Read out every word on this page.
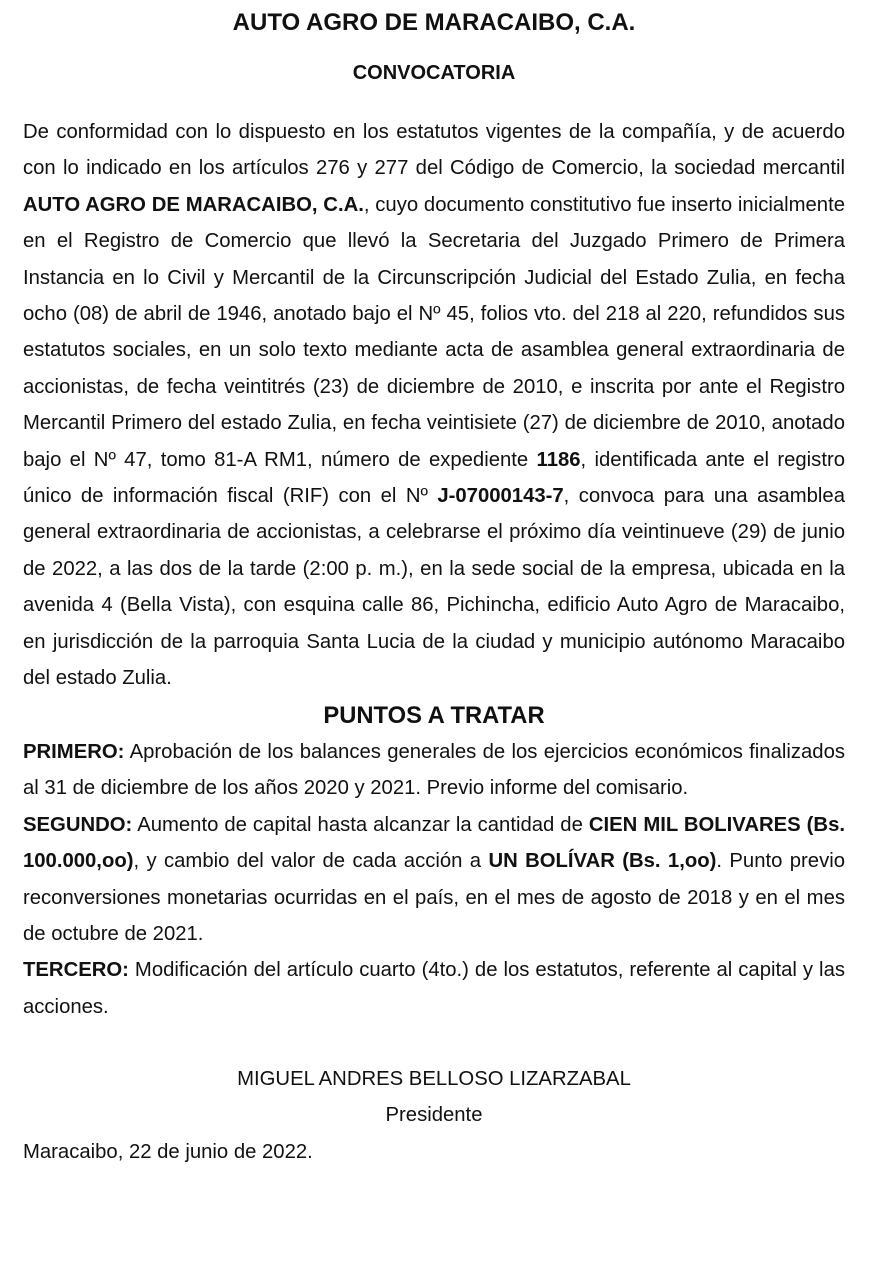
AUTO AGRO DE MARACAIBO, C.A.
CONVOCATORIA

De conformidad con lo dispuesto en los estatutos vigentes de la compañía, y de acuerdo con lo indicado en los artículos 276 y 277 del Código de Comercio, la sociedad mercantil AUTO AGRO DE MARACAIBO, C.A., cuyo documento constitutivo fue inserto inicialmente en el Registro de Comercio que llevó la Secretaria del Juzgado Primero de Primera Instancia en lo Civil y Mercantil de la Circunscripción Judicial del Estado Zulia, en fecha ocho (08) de abril de 1946, anotado bajo el Nº 45, folios vto. del 218 al 220, refundidos sus estatutos sociales, en un solo texto mediante acta de asamblea general extraordinaria de accionistas, de fecha veintitrés (23) de diciembre de 2010, e inscrita por ante el Registro Mercantil Primero del estado Zulia, en fecha veintisiete (27) de diciembre de 2010, anotado bajo el Nº 47, tomo 81-A RM1, número de expediente 1186, identificada ante el registro único de información fiscal (RIF) con el Nº J-07000143-7, convoca para una asamblea general extraordinaria de accionistas, a celebrarse el próximo día veintinueve (29) de junio de 2022, a las dos de la tarde (2:00 p. m.), en la sede social de la empresa, ubicada en la avenida 4 (Bella Vista), con esquina calle 86, Pichincha, edificio Auto Agro de Maracaibo, en jurisdicción de la parroquia Santa Lucia de la ciudad y municipio autónomo Maracaibo del estado Zulia.

PUNTOS A TRATAR

PRIMERO: Aprobación de los balances generales de los ejercicios económicos finalizados al 31 de diciembre de los años 2020 y 2021. Previo informe del comisario.

SEGUNDO: Aumento de capital hasta alcanzar la cantidad de CIEN MIL BOLIVARES (Bs. 100.000,oo), y cambio del valor de cada acción a UN BOLÍVAR (Bs. 1,oo). Punto previo reconversiones monetarias ocurridas en el país, en el mes de agosto de 2018 y en el mes de octubre de 2021.

TERCERO: Modificación del artículo cuarto (4to.) de los estatutos, referente al capital y las acciones.

MIGUEL ANDRES BELLOSO LIZARZABAL

Presidente

Maracaibo, 22 de junio de 2022.
